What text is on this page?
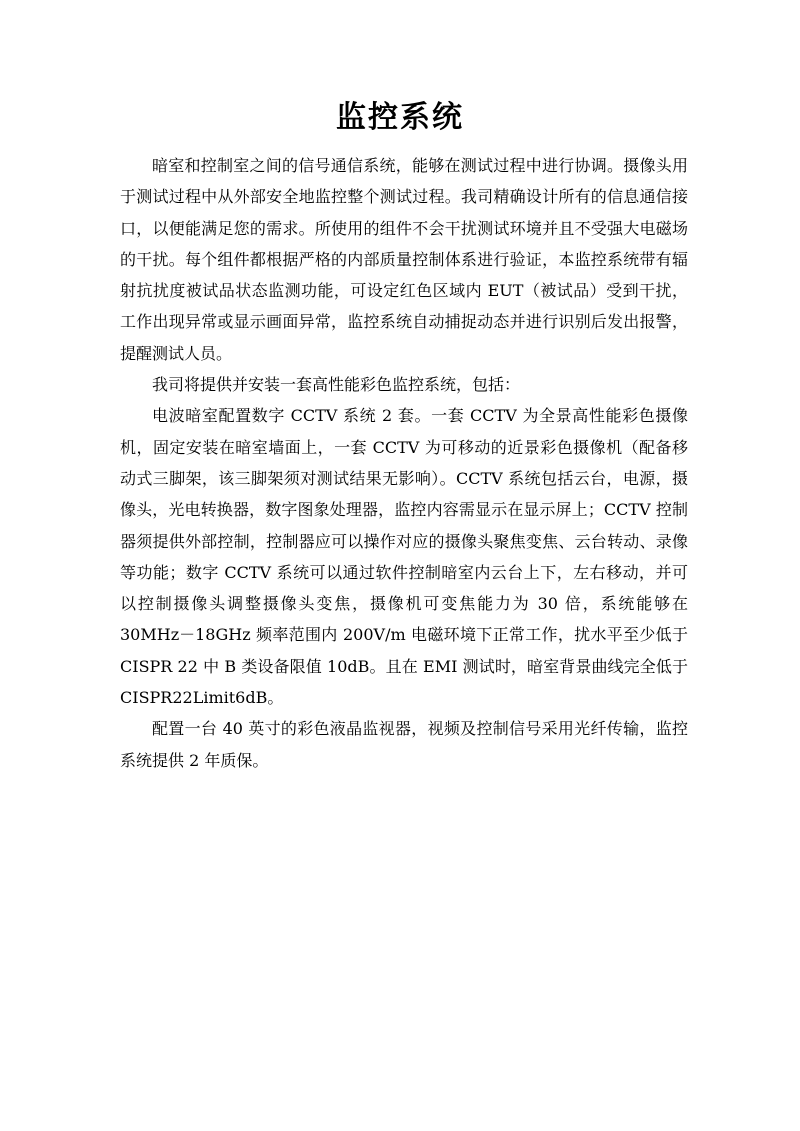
监控系统

暗室和控制室之间的信号通信系统，能够在测试过程中进行协调。摄像头用于测试过程中从外部安全地监控整个测试过程。我司精确设计所有的信息通信接口，以便能满足您的需求。所使用的组件不会干扰测试环境并且不受强大电磁场的干扰。每个组件都根据严格的内部质量控制体系进行验证，本监控系统带有辐射抗扰度被试品状态监测功能，可设定红色区域内 EUT（被试品）受到干扰，工作出现异常或显示画面异常，监控系统自动捕捉动态并进行识别后发出报警，提醒测试人员。

我司将提供并安装一套高性能彩色监控系统，包括：

电波暗室配置数字 CCTV 系统 2 套。一套 CCTV 为全景高性能彩色摄像机，固定安装在暗室墙面上，一套 CCTV 为可移动的近景彩色摄像机（配备移动式三脚架，该三脚架须对测试结果无影响）。CCTV 系统包括云台，电源，摄像头，光电转换器，数字图象处理器，监控内容需显示在显示屏上；CCTV 控制器须提供外部控制，控制器应可以操作对应的摄像头聚焦变焦、云台转动、录像等功能；数字 CCTV 系统可以通过软件控制暗室内云台上下，左右移动，并可以控制摄像头调整摄像头变焦，摄像机可变焦能力为 30 倍，系统能够在 30MHz－18GHz 频率范围内 200V/m 电磁环境下正常工作，扰水平至少低于 CISPR 22 中 B 类设备限值 10dB。且在 EMI 测试时，暗室背景曲线完全低于 CISPR22Limit6dB。

配置一台 40 英寸的彩色液晶监视器，视频及控制信号采用光纤传输，监控系统提供 2 年质保。
